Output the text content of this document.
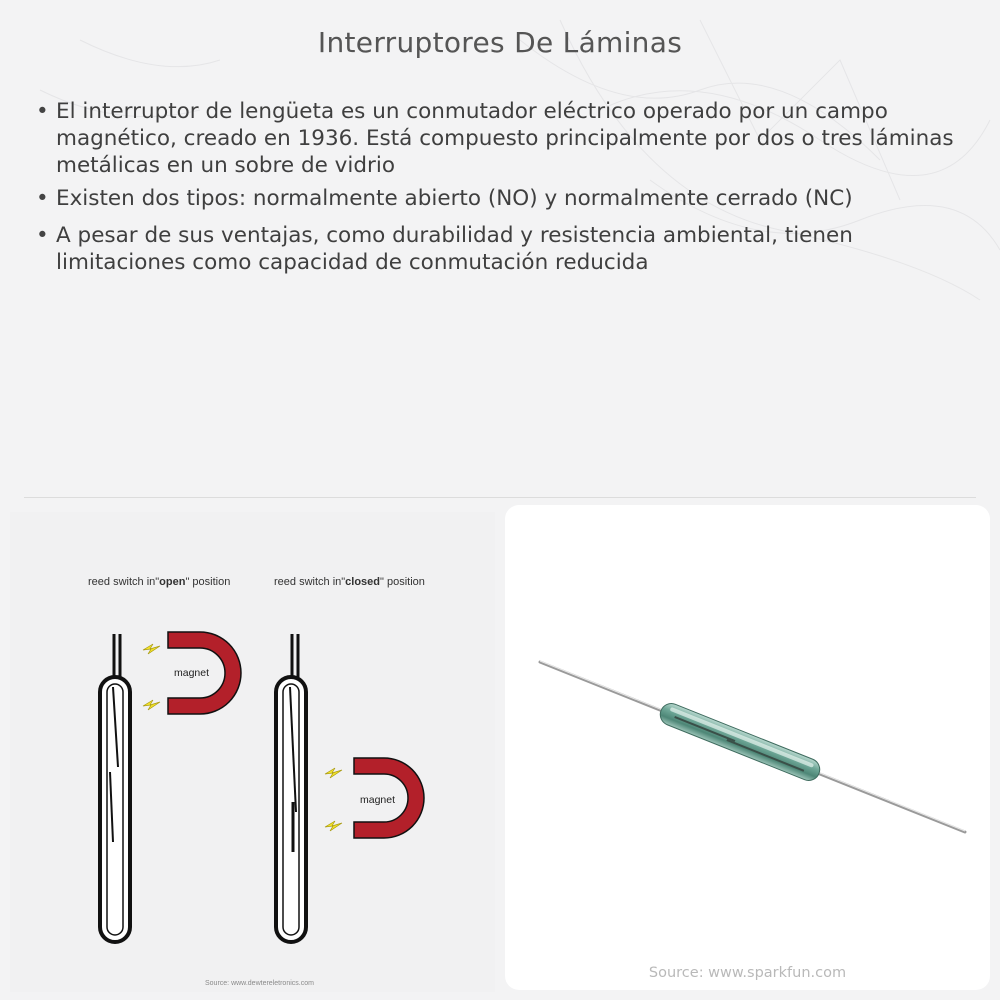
Interruptores De Láminas
• El interruptor de lengüeta es un conmutador eléctrico operado por un campo magnético, creado en 1936. Está compuesto principalmente por dos o tres láminas metálicas en un sobre de vidrio
• Existen dos tipos: normalmente abierto (NO) y normalmente cerrado (NC)
• A pesar de sus ventajas, como durabilidad y resistencia ambiental, tienen limitaciones como capacidad de conmutación reducida
reed switch in"open" position	reed switch in"closed" position
magnet
magnet
Source: www.dewtereletronics.com
Source: www.sparkfun.com
